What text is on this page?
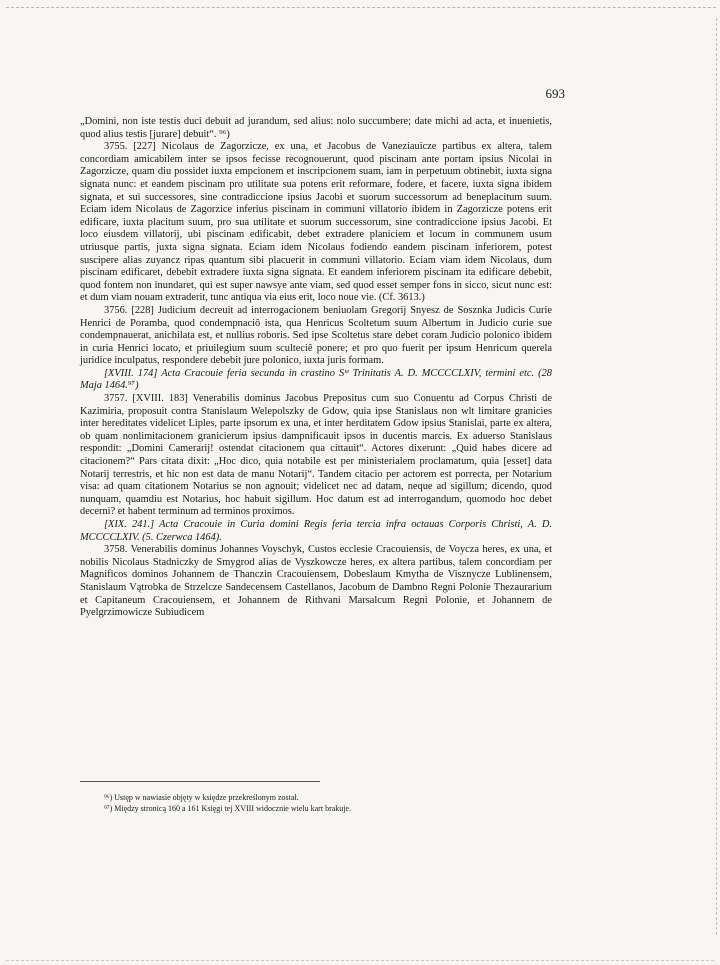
693

„Domini, non iste testis duci debuit ad jurandum, sed alius: nolo succumbere; date michi ad acta, et inuenietis, quod alius testis [jurare] debuit“. ⁹⁶)

3755. [227] Nicolaus de Zagorzicze, ex una, et Jacobus de Vaneziauicze partibus ex altera, talem concordiam amicabilem inter se ipsos fecisse recognouerunt, quod piscinam ante portam ipsius Nicolai in Zagorzicze, quam diu possidet iuxta empcionem et inscripcionem suam, iam in perpetuum obtinebit, iuxta signa signata nunc: et eandem piscinam pro utilitate sua potens erit reformare, fodere, et facere, iuxta signa ibidem signata, et sui successores, sine contradiccione ipsius Jacobi et suorum successorum ad beneplacitum suum. Eciam idem Nicolaus de Zagorzice inferius piscinam in communi villatorio ibidem in Zagorzicze potens erit edificare, iuxta placitum suum, pro sua utilitate et suorum successorum, sine contradiccione ipsius Jacobi. Et loco eiusdem villatorij, ubi piscinam edificabit, debet extradere planiciem et locum in communem usum utriusque partis, juxta signa signata. Eciam idem Nicolaus fodiendo eandem piscinam inferiorem, potest suscipere alias zuyancz ripas quantum sibi placuerit in communi villatorio. Eciam viam idem Nicolaus, dum piscinam edificaret, debebit extradere iuxta signa signata. Et eandem inferiorem piscinam ita edificare debebit, quod fontem non inundaret, qui est super nawsye ante viam, sed quod esset semper fons in sicco, sicut nunc est: et dum viam nouam extraderit, tunc antiqua via eius erit, loco noue vie. (Cf. 3613.)

3756. [228] Judicium decreuit ad interrogacionem beniuolam Gregorij Snyesz de Sosznka Judicis Curie Henrici de Poramba, quod condempnaciô ista, qua Henricus Scoltetum suum Albertum in Judicio curie sue condempnauerat, anichilata est, et nullius roboris. Sed ipse Scoltetus stare debet coram Judicio polonico ibidem in curia Henrici locato, et priuilegium suum sculteciê ponere; et pro quo fuerit per ipsum Henricum querela juridice inculpatus, respondere debebit jure polonico, iuxta juris formam.

[XVIII. 174] Acta Cracouie feria secunda in crastino Sᵗᵉ Trinitatis A. D. MCCCCLXIV, termini etc. (28 Maja 1464.⁹⁷)

3757. [XVIII. 183] Venerabilis dominus Jacobus Prepositus cum suo Conuentu ad Corpus Christi de Kazimiria, proposuit contra Stanislaum Welepolszky de Gdow, quia ipse Stanislaus non wlt limitare granicies inter hereditates videlicet Liples, parte ipsorum ex una, et inter herditatem Gdow ipsius Stanislai, parte ex altera, ob quam nonlimitacionem granicierum ipsius dampnificauit ipsos in ducentis marcis. Ex aduerso Stanislaus respondit: „Domini Camerarij! ostendat citacionem qua cittauit“. Actores dixerunt: „Quid habes dicere ad citacionem?“ Pars citata dixit: „Hoc dico, quia notabile est per ministerialem proclamatum, quia [esset] data Notarij terrestris, et hic non est data de manu Notarij“. Tandem citacio per actorem est porrecta, per Notarium visa: ad quam citationem Notarius se non agnouit; videlicet nec ad datam, neque ad sigillum; dicendo, quod nunquam, quamdiu est Notarius, hoc habuit sigillum. Hoc datum est ad interrogandum, quomodo hoc debet decerni? et habent terminum ad terminos proximos.

[XIX. 241.] Acta Cracouie in Curia domini Regis feria tercia infra octauas Corporis Christi, A. D. MCCCCLXIV. (5. Czerwca 1464).

3758. Venerabilis dominus Johannes Voyschyk, Custos ecclesie Cracouiensis, de Voycza heres, ex una, et nobilis Nicolaus Stadniczky de Smygrod alias de Vyszkowcze heres, ex altera partibus, talem concordiam per Magnificos dominos Johannem de Thanczin Cracouiensem, Dobeslaum Kmytha de Visznycze Lublinensem, Stanislaum Vątrobka de Strzelcze Sandecensem Castellanos, Jacobum de Dambno Regni Polonie Thezaurarium et Capitaneum Cracouiensem, et Johannem de Rithvani Marsalcum Regni Polonie, et Johannem de Pyelgrzimowicze Subiudicem

⁹⁶) Ustęp w nawiasie objęty w księdze przekreślonym został.

⁹⁷) Między stronicą 160 a 161 Księgi tej XVIII widocznie wielu kart brakuje.
